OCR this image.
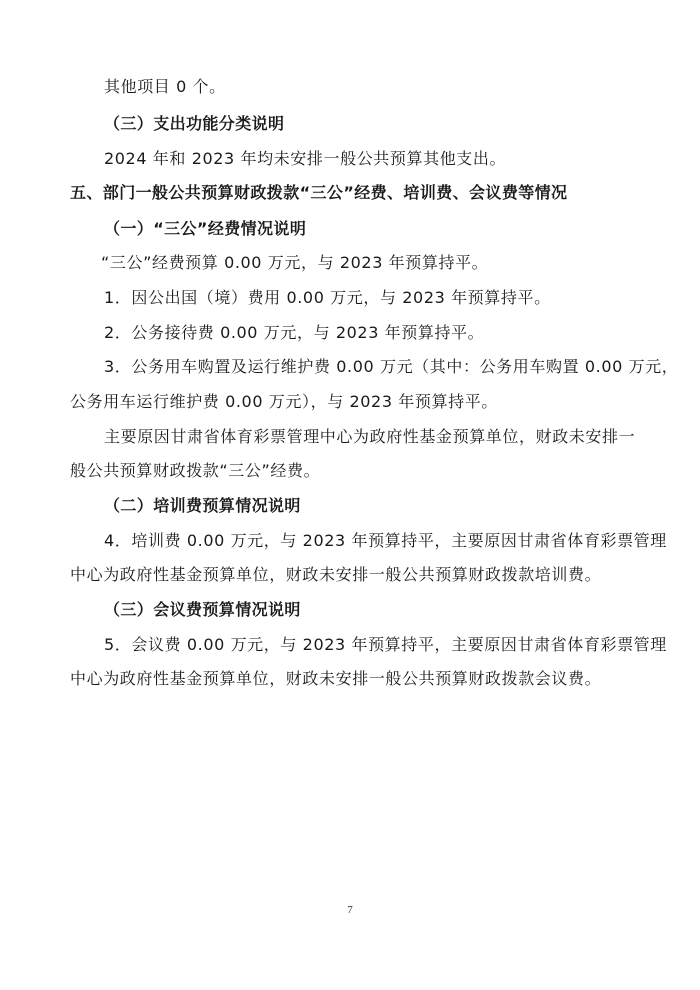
其他项目 0 个。
（三）支出功能分类说明
2024 年和 2023 年均未安排一般公共预算其他支出。
五、部门一般公共预算财政拨款“三公”经费、培训费、会议费等情况
（一）“三公”经费情况说明
“三公”经费预算 0.00 万元，与 2023 年预算持平。
1．因公出国（境）费用 0.00 万元，与 2023 年预算持平。
2．公务接待费 0.00 万元，与 2023 年预算持平。
3．公务用车购置及运行维护费 0.00 万元（其中：公务用车购置 0.00 万元，
公务用车运行维护费 0.00 万元），与 2023 年预算持平。
主要原因甘肃省体育彩票管理中心为政府性基金预算单位，财政未安排一
般公共预算财政拨款“三公”经费。
（二）培训费预算情况说明
4．培训费 0.00 万元，与 2023 年预算持平，主要原因甘肃省体育彩票管理
中心为政府性基金预算单位，财政未安排一般公共预算财政拨款培训费。
（三）会议费预算情况说明
5．会议费 0.00 万元，与 2023 年预算持平，主要原因甘肃省体育彩票管理
中心为政府性基金预算单位，财政未安排一般公共预算财政拨款会议费。
7
